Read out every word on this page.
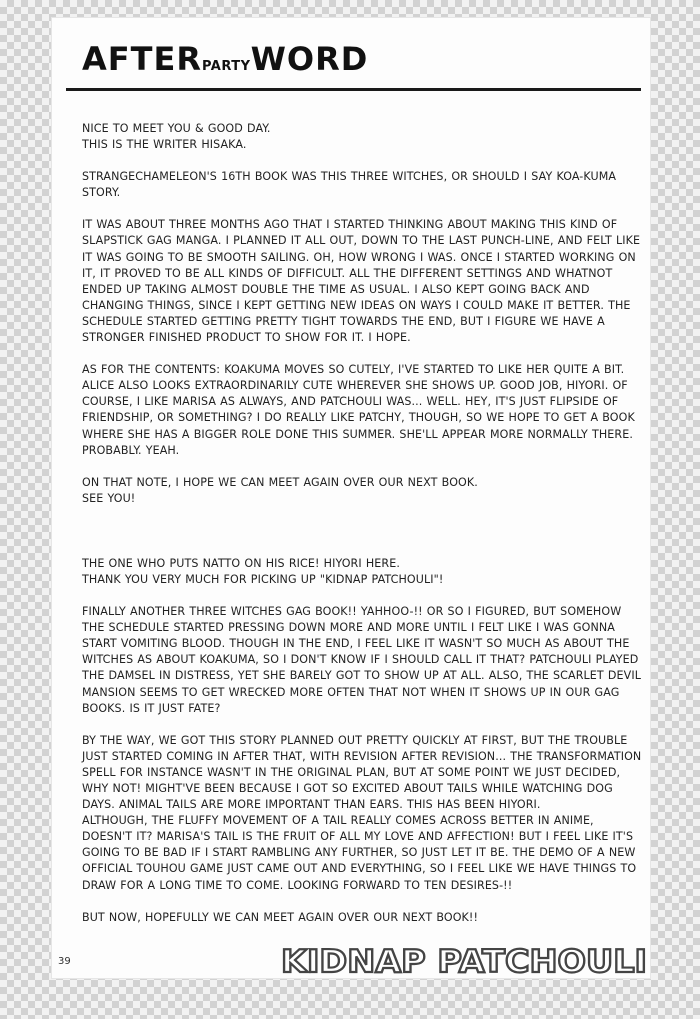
AFTERPARTYWORD

NICE TO MEET YOU & GOOD DAY.
THIS IS THE WRITER HISAKA.

STRANGECHAMELEON'S 16TH BOOK WAS THIS THREE WITCHES, OR SHOULD I SAY KOA-KUMA STORY.

IT WAS ABOUT THREE MONTHS AGO THAT I STARTED THINKING ABOUT MAKING THIS KIND OF SLAPSTICK GAG MANGA. I PLANNED IT ALL OUT, DOWN TO THE LAST PUNCH-LINE, AND FELT LIKE IT WAS GOING TO BE SMOOTH SAILING. OH, HOW WRONG I WAS. ONCE I STARTED WORKING ON IT, IT PROVED TO BE ALL KINDS OF DIFFICULT. ALL THE DIFFERENT SETTINGS AND WHATNOT ENDED UP TAKING ALMOST DOUBLE THE TIME AS USUAL. I ALSO KEPT GOING BACK AND CHANGING THINGS, SINCE I KEPT GETTING NEW IDEAS ON WAYS I COULD MAKE IT BETTER. THE SCHEDULE STARTED GETTING PRETTY TIGHT TOWARDS THE END, BUT I FIGURE WE HAVE A STRONGER FINISHED PRODUCT TO SHOW FOR IT. I HOPE.

AS FOR THE CONTENTS: KOAKUMA MOVES SO CUTELY, I'VE STARTED TO LIKE HER QUITE A BIT. ALICE ALSO LOOKS EXTRAORDINARILY CUTE WHEREVER SHE SHOWS UP. GOOD JOB, HIYORI. OF COURSE, I LIKE MARISA AS ALWAYS, AND PATCHOULI WAS... WELL. HEY, IT'S JUST FLIPSIDE OF FRIENDSHIP, OR SOMETHING? I DO REALLY LIKE PATCHY, THOUGH, SO WE HOPE TO GET A BOOK WHERE SHE HAS A BIGGER ROLE DONE THIS SUMMER. SHE'LL APPEAR MORE NORMALLY THERE. PROBABLY. YEAH.

ON THAT NOTE, I HOPE WE CAN MEET AGAIN OVER OUR NEXT BOOK.
SEE YOU!

THE ONE WHO PUTS NATTO ON HIS RICE! HIYORI HERE.
THANK YOU VERY MUCH FOR PICKING UP "KIDNAP PATCHOULI"!

FINALLY ANOTHER THREE WITCHES GAG BOOK!! YAHHOO-!! OR SO I FIGURED, BUT SOMEHOW THE SCHEDULE STARTED PRESSING DOWN MORE AND MORE UNTIL I FELT LIKE I WAS GONNA START VOMITING BLOOD. THOUGH IN THE END, I FEEL LIKE IT WASN'T SO MUCH AS ABOUT THE WITCHES AS ABOUT KOAKUMA, SO I DON'T KNOW IF I SHOULD CALL IT THAT? PATCHOULI PLAYED THE DAMSEL IN DISTRESS, YET SHE BARELY GOT TO SHOW UP AT ALL. ALSO, THE SCARLET DEVIL MANSION SEEMS TO GET WRECKED MORE OFTEN THAT NOT WHEN IT SHOWS UP IN OUR GAG BOOKS. IS IT JUST FATE?

BY THE WAY, WE GOT THIS STORY PLANNED OUT PRETTY QUICKLY AT FIRST, BUT THE TROUBLE JUST STARTED COMING IN AFTER THAT, WITH REVISION AFTER REVISION... THE TRANSFORMATION SPELL FOR INSTANCE WASN'T IN THE ORIGINAL PLAN, BUT AT SOME POINT WE JUST DECIDED, WHY NOT! MIGHT'VE BEEN BECAUSE I GOT SO EXCITED ABOUT TAILS WHILE WATCHING DOG DAYS. ANIMAL TAILS ARE MORE IMPORTANT THAN EARS. THIS HAS BEEN HIYORI.
ALTHOUGH, THE FLUFFY MOVEMENT OF A TAIL REALLY COMES ACROSS BETTER IN ANIME, DOESN'T IT? MARISA'S TAIL IS THE FRUIT OF ALL MY LOVE AND AFFECTION! BUT I FEEL LIKE IT'S GOING TO BE BAD IF I START RAMBLING ANY FURTHER, SO JUST LET IT BE. THE DEMO OF A NEW OFFICIAL TOUHOU GAME JUST CAME OUT AND EVERYTHING, SO I FEEL LIKE WE HAVE THINGS TO DRAW FOR A LONG TIME TO COME. LOOKING FORWARD TO TEN DESIRES-!!

BUT NOW, HOPEFULLY WE CAN MEET AGAIN OVER OUR NEXT BOOK!!

39	KIDNAP PATCHOULI
